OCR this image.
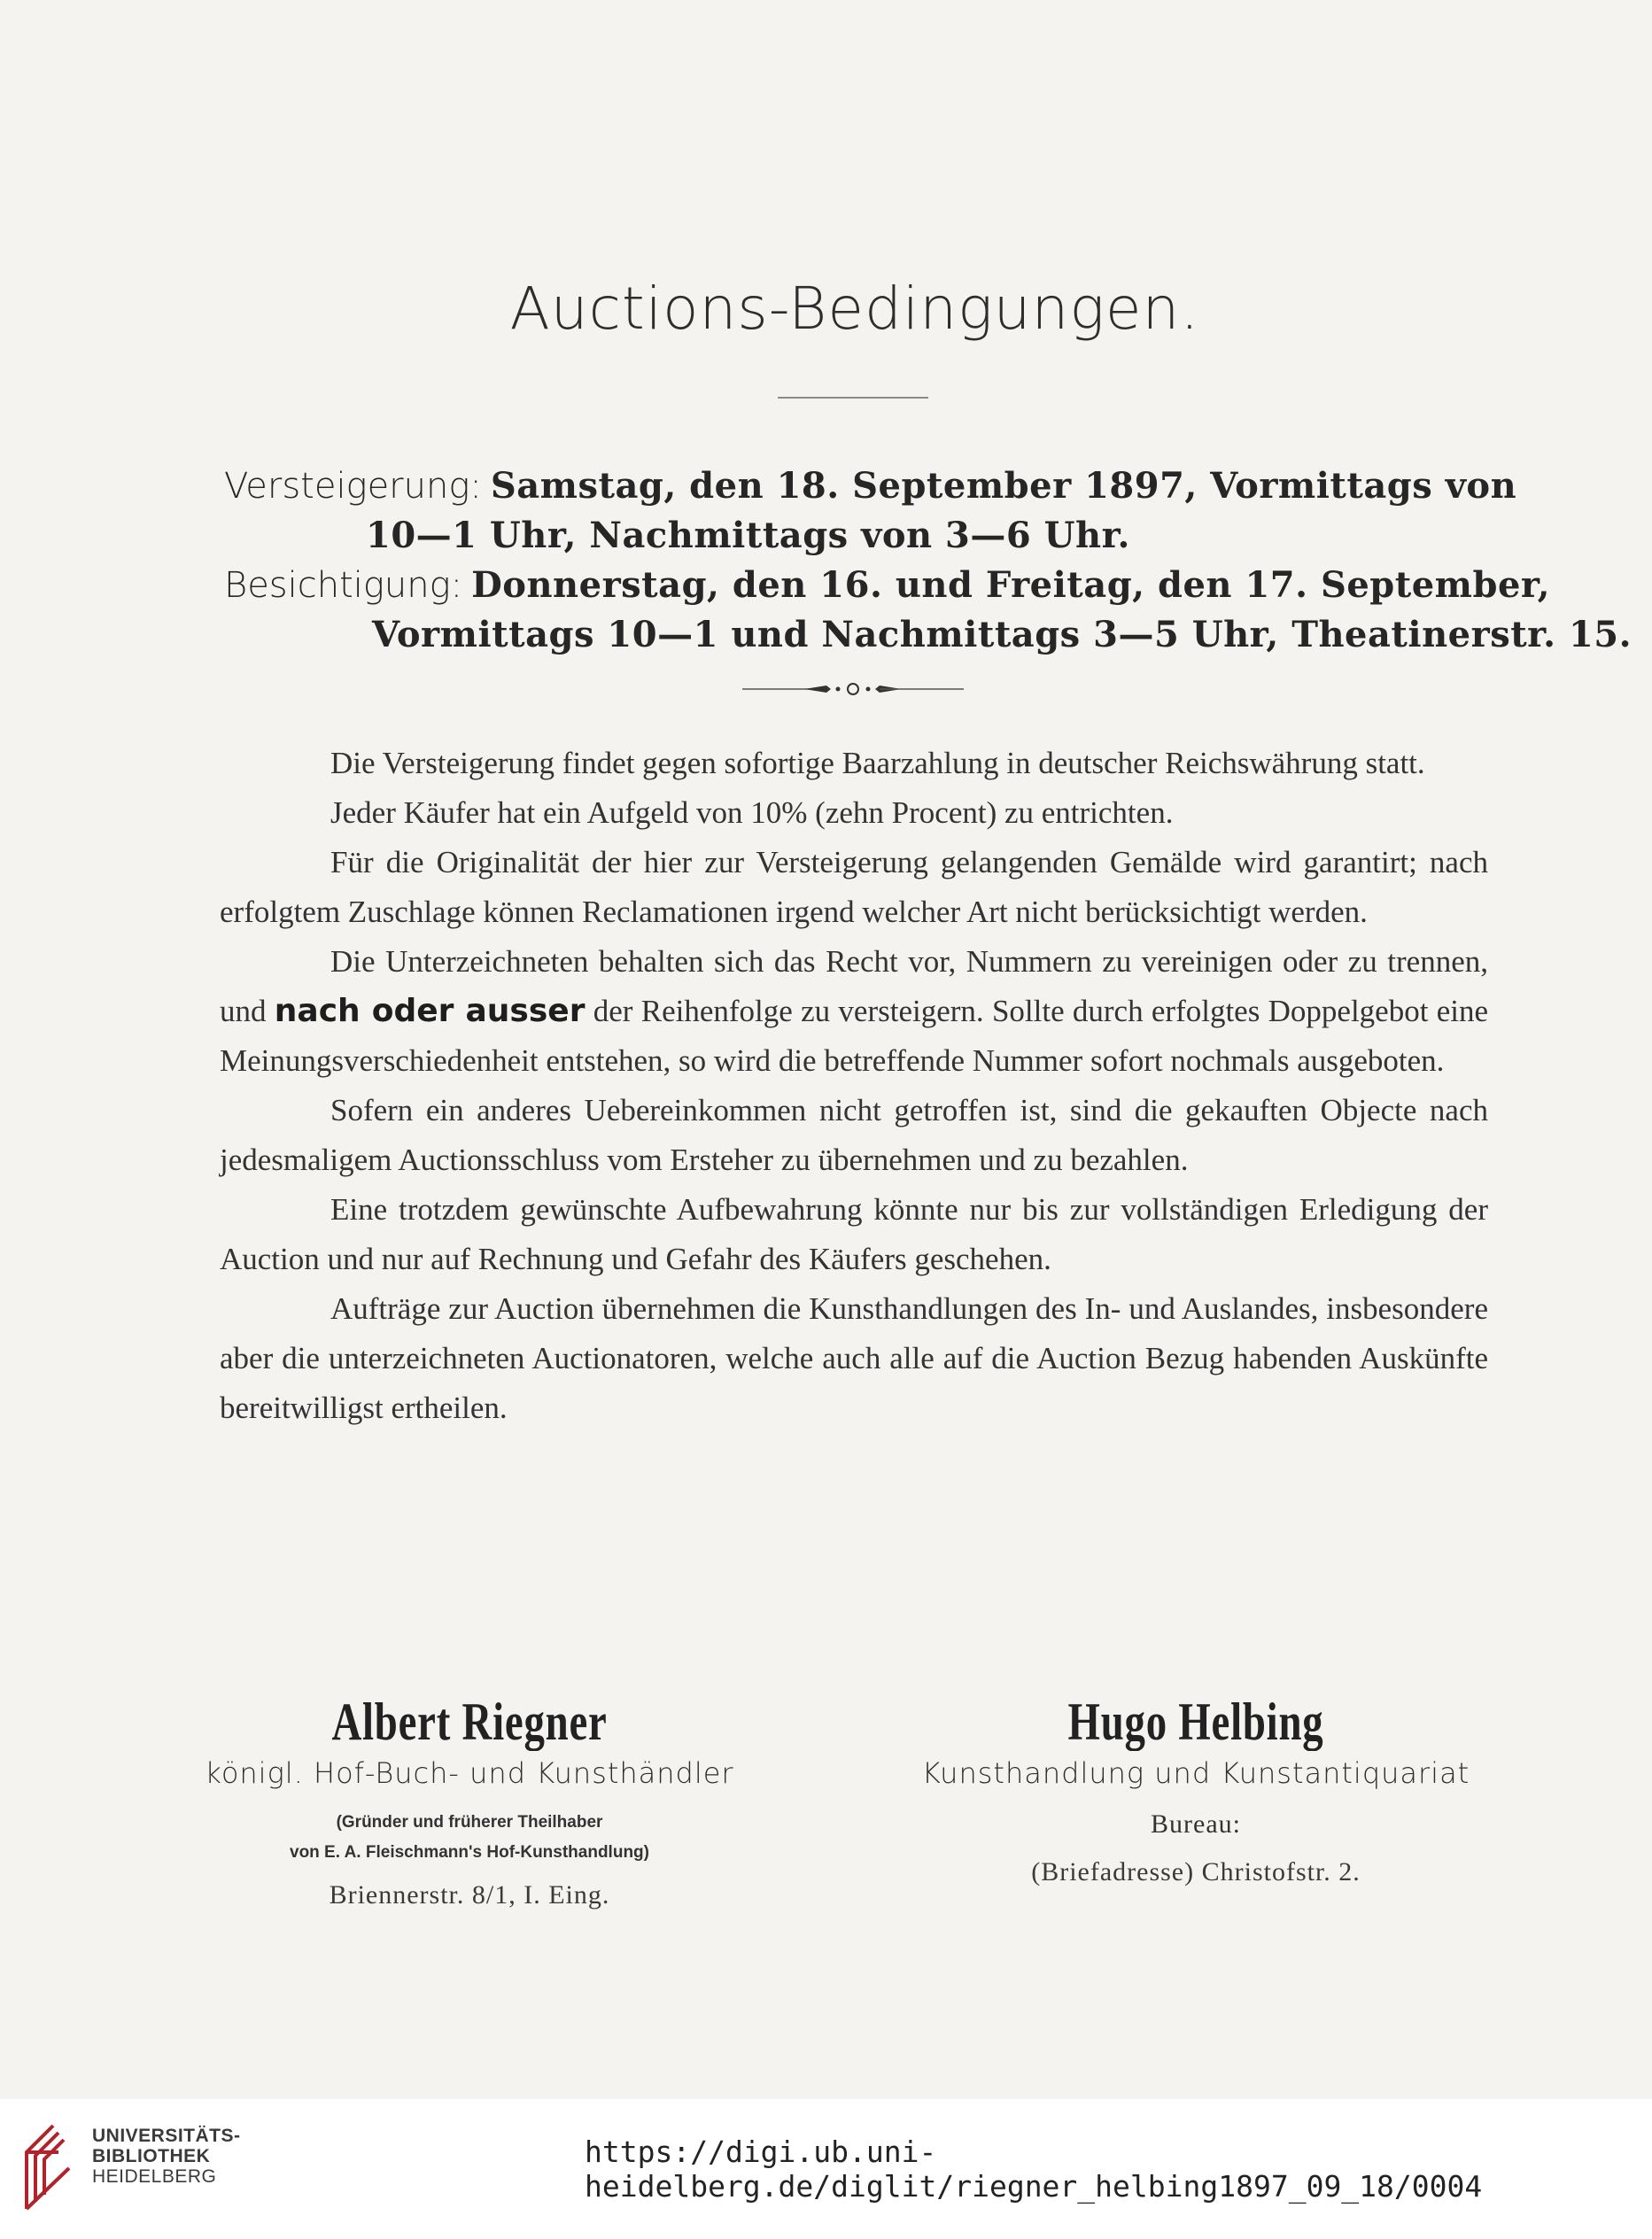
Auctions-Bedingungen.
Versteigerung: Samstag, den 18. September 1897, Vormittags von
10—1 Uhr, Nachmittags von 3—6 Uhr.
Besichtigung: Donnerstag, den 16. und Freitag, den 17. September,
Vormittags 10—1 und Nachmittags 3—5 Uhr, Theatinerstr. 15.

Die Versteigerung findet gegen sofortige Baarzahlung in deutscher Reichswährung statt.

Jeder Käufer hat ein Aufgeld von 10% (zehn Procent) zu entrichten.

Für die Originalität der hier zur Versteigerung gelangenden Gemälde wird garantirt; nach erfolgtem Zuschlage können Reclamationen irgend welcher Art nicht berücksichtigt werden.

Die Unterzeichneten behalten sich das Recht vor, Nummern zu vereinigen oder zu trennen, und nach oder ausser der Reihenfolge zu versteigern. Sollte durch erfolgtes Doppelgebot eine Meinungsverschiedenheit entstehen, so wird die betreffende Nummer sofort nochmals ausgeboten.

Sofern ein anderes Uebereinkommen nicht getroffen ist, sind die gekauften Objecte nach jedesmaligem Auctionsschluss vom Ersteher zu übernehmen und zu bezahlen.

Eine trotzdem gewünschte Aufbewahrung könnte nur bis zur vollständigen Erledigung der Auction und nur auf Rechnung und Gefahr des Käufers geschehen.

Aufträge zur Auction übernehmen die Kunsthandlungen des In- und Auslandes, insbesondere aber die unterzeichneten Auctionatoren, welche auch alle auf die Auction Bezug habenden Auskünfte bereitwilligst ertheilen.

Albert Riegner
königl. Hof-Buch- und Kunsthändler
(Gründer und früherer Theilhaber
von E. A. Fleischmann's Hof-Kunsthandlung)
Briennerstr. 8/1, I. Eing.
Hugo Helbing
Kunsthandlung und Kunstantiquariat
Bureau:
(Briefadresse) Christofstr. 2.
UNIVERSITÄTS-
BIBLIOTHEK
HEIDELBERG
https://digi.ub.uni-heidelberg.de/diglit/riegner_helbing1897_09_18/0004
